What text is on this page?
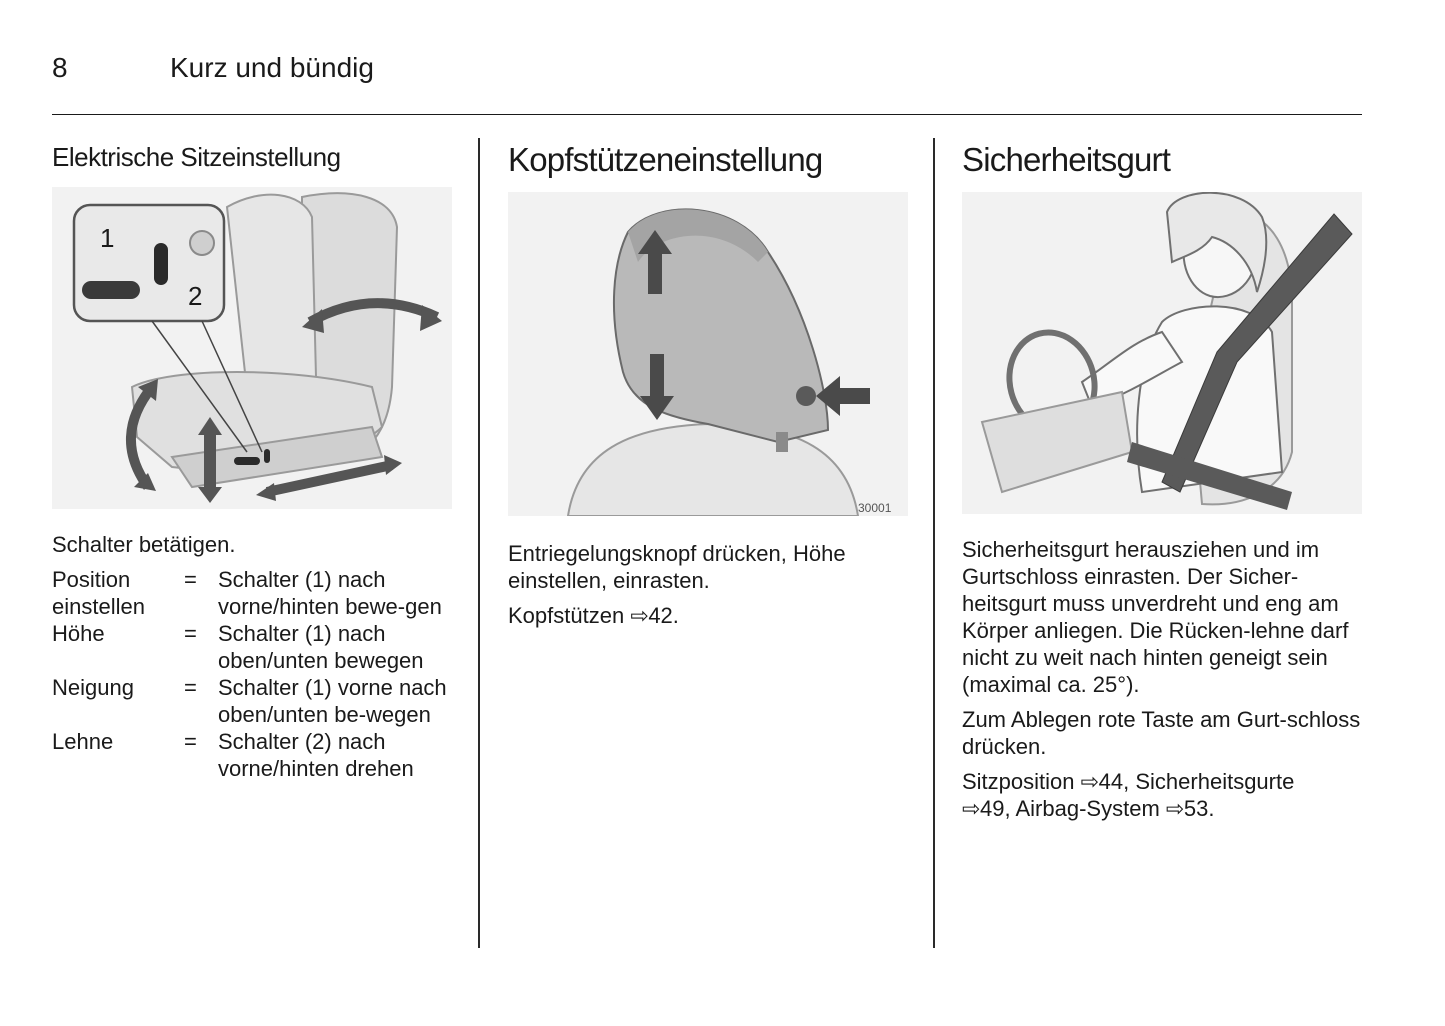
8	Kurz und bündig
Elektrische Sitzeinstellung
1
2

Schalter betätigen.

Position einstellen	=	Schalter (1) nach vorne/hinten bewe-gen
Höhe	=	Schalter (1) nach oben/unten bewegen
Neigung	=	Schalter (1) vorne nach oben/unten be-wegen
Lehne	=	Schalter (2) nach vorne/hinten drehen
Kopfstützeneinstellung
30001

Entriegelungsknopf drücken, Höhe einstellen, einrasten.

Kopfstützen ⇨42.

Sicherheitsgurt

Sicherheitsgurt herausziehen und im Gurtschloss einrasten. Der Sicher-heitsgurt muss unverdreht und eng am Körper anliegen. Die Rücken-lehne darf nicht zu weit nach hinten geneigt sein (maximal ca. 25°).

Zum Ablegen rote Taste am Gurt-schloss drücken.

Sitzposition ⇨44, Sicherheitsgurte
⇨49, Airbag-System ⇨53.
